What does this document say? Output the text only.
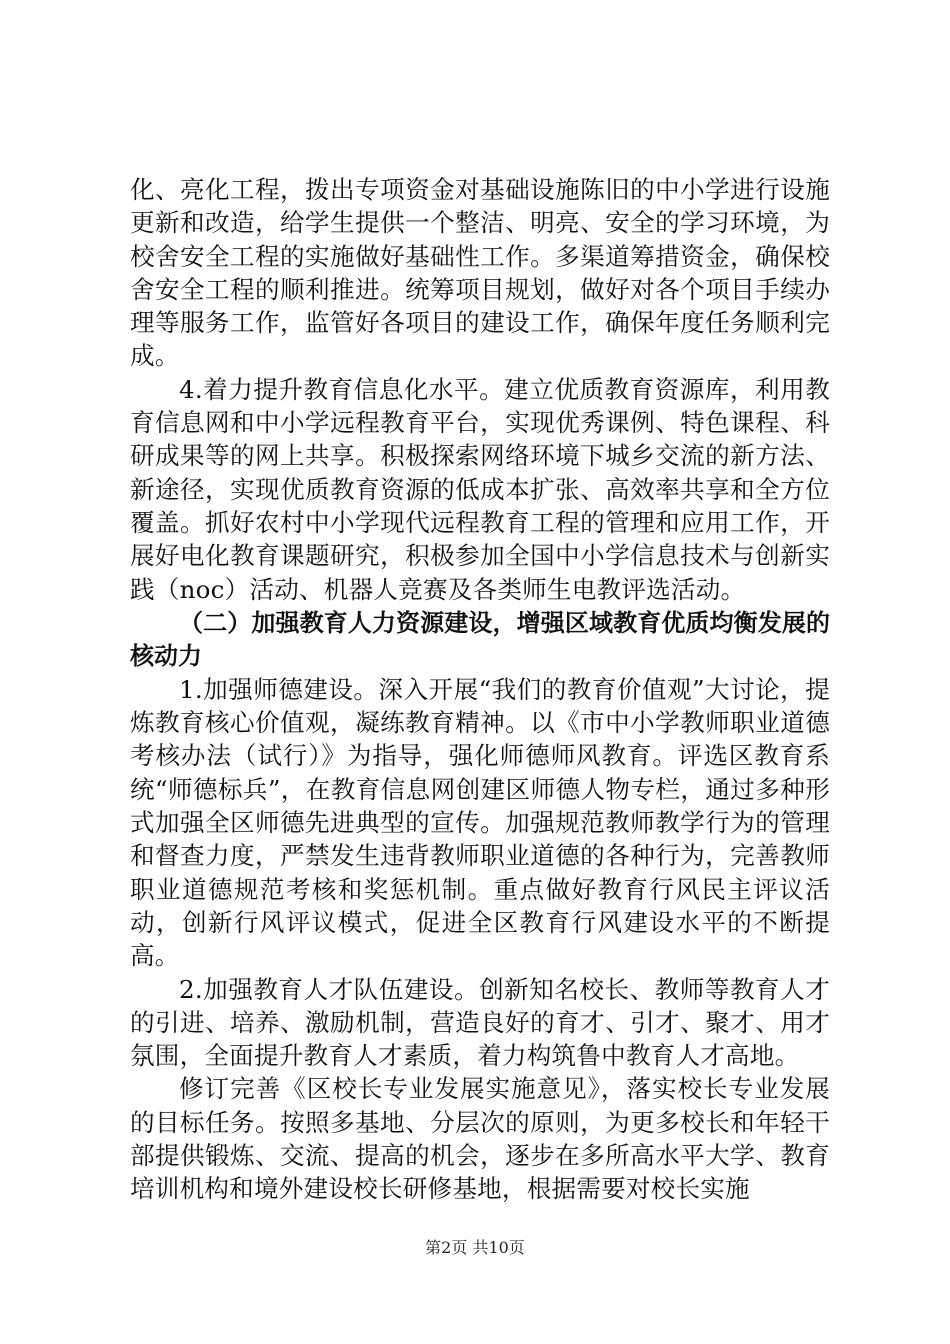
化、亮化工程，拨出专项资金对基础设施陈旧的中小学进行设施更新和改造，给学生提供一个整洁、明亮、安全的学习环境，为校舍安全工程的实施做好基础性工作。多渠道筹措资金，确保校舍安全工程的顺利推进。统筹项目规划，做好对各个项目手续办理等服务工作，监管好各项目的建设工作，确保年度任务顺利完成。

4.着力提升教育信息化水平。建立优质教育资源库，利用教育信息网和中小学远程教育平台，实现优秀课例、特色课程、科研成果等的网上共享。积极探索网络环境下城乡交流的新方法、新途径，实现优质教育资源的低成本扩张、高效率共享和全方位覆盖。抓好农村中小学现代远程教育工程的管理和应用工作，开展好电化教育课题研究，积极参加全国中小学信息技术与创新实践（noc）活动、机器人竞赛及各类师生电教评选活动。

（二）加强教育人力资源建设，增强区域教育优质均衡发展的核动力

1.加强师德建设。深入开展“我们的教育价值观”大讨论，提炼教育核心价值观，凝练教育精神。以《市中小学教师职业道德考核办法（试行）》为指导，强化师德师风教育。评选区教育系统“师德标兵”，在教育信息网创建区师德人物专栏，通过多种形式加强全区师德先进典型的宣传。加强规范教师教学行为的管理和督查力度，严禁发生违背教师职业道德的各种行为，完善教师职业道德规范考核和奖惩机制。重点做好教育行风民主评议活动，创新行风评议模式，促进全区教育行风建设水平的不断提高。

2.加强教育人才队伍建设。创新知名校长、教师等教育人才的引进、培养、激励机制，营造良好的育才、引才、聚才、用才氛围，全面提升教育人才素质，着力构筑鲁中教育人才高地。

修订完善《区校长专业发展实施意见》，落实校长专业发展的目标任务。按照多基地、分层次的原则，为更多校长和年轻干部提供锻炼、交流、提高的机会，逐步在多所高水平大学、教育培训机构和境外建设校长研修基地，根据需要对校长实施

第2页 共10页
